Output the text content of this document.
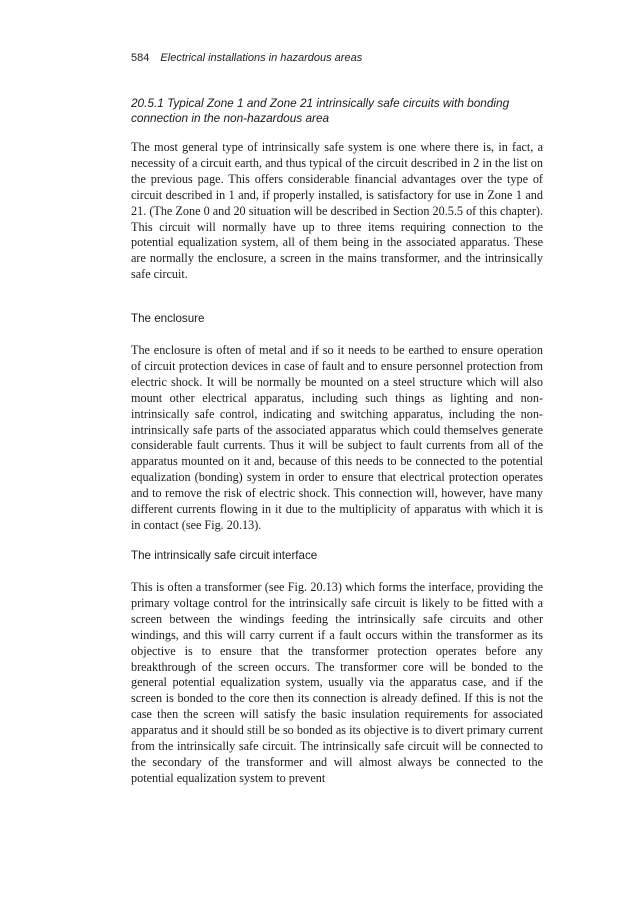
584 Electrical installations in hazardous areas
20.5.1 Typical Zone 1 and Zone 21 intrinsically safe circuits with bonding connection in the non-hazardous area

The most general type of intrinsically safe system is one where there is, in fact, a necessity of a circuit earth, and thus typical of the circuit described in 2 in the list on the previous page. This offers considerable financial advantages over the type of circuit described in 1 and, if properly installed, is satisfactory for use in Zone 1 and 21. (The Zone 0 and 20 situation will be described in Section 20.5.5 of this chapter). This circuit will normally have up to three items requiring connection to the potential equalization system, all of them being in the associated apparatus. These are normally the enclosure, a screen in the mains transformer, and the intrinsically safe circuit.

The enclosure

The enclosure is often of metal and if so it needs to be earthed to ensure operation of circuit protection devices in case of fault and to ensure personnel protection from electric shock. It will be normally be mounted on a steel structure which will also mount other electrical apparatus, including such things as lighting and non-intrinsically safe control, indicating and switching apparatus, including the non-intrinsically safe parts of the associated apparatus which could themselves generate considerable fault currents. Thus it will be subject to fault currents from all of the apparatus mounted on it and, because of this needs to be connected to the potential equalization (bonding) system in order to ensure that electrical protection operates and to remove the risk of electric shock. This connection will, however, have many different currents flowing in it due to the multiplicity of apparatus with which it is in contact (see Fig. 20.13).

The intrinsically safe circuit interface

This is often a transformer (see Fig. 20.13) which forms the interface, providing the primary voltage control for the intrinsically safe circuit is likely to be fitted with a screen between the windings feeding the intrinsically safe circuits and other windings, and this will carry current if a fault occurs within the transformer as its objective is to ensure that the transformer protection operates before any breakthrough of the screen occurs. The transformer core will be bonded to the general potential equalization system, usually via the apparatus case, and if the screen is bonded to the core then its connection is already defined. If this is not the case then the screen will satisfy the basic insulation requirements for associated apparatus and it should still be so bonded as its objective is to divert primary current from the intrinsically safe circuit. The intrinsically safe circuit will be connected to the secondary of the transformer and will almost always be connected to the potential equalization system to prevent
